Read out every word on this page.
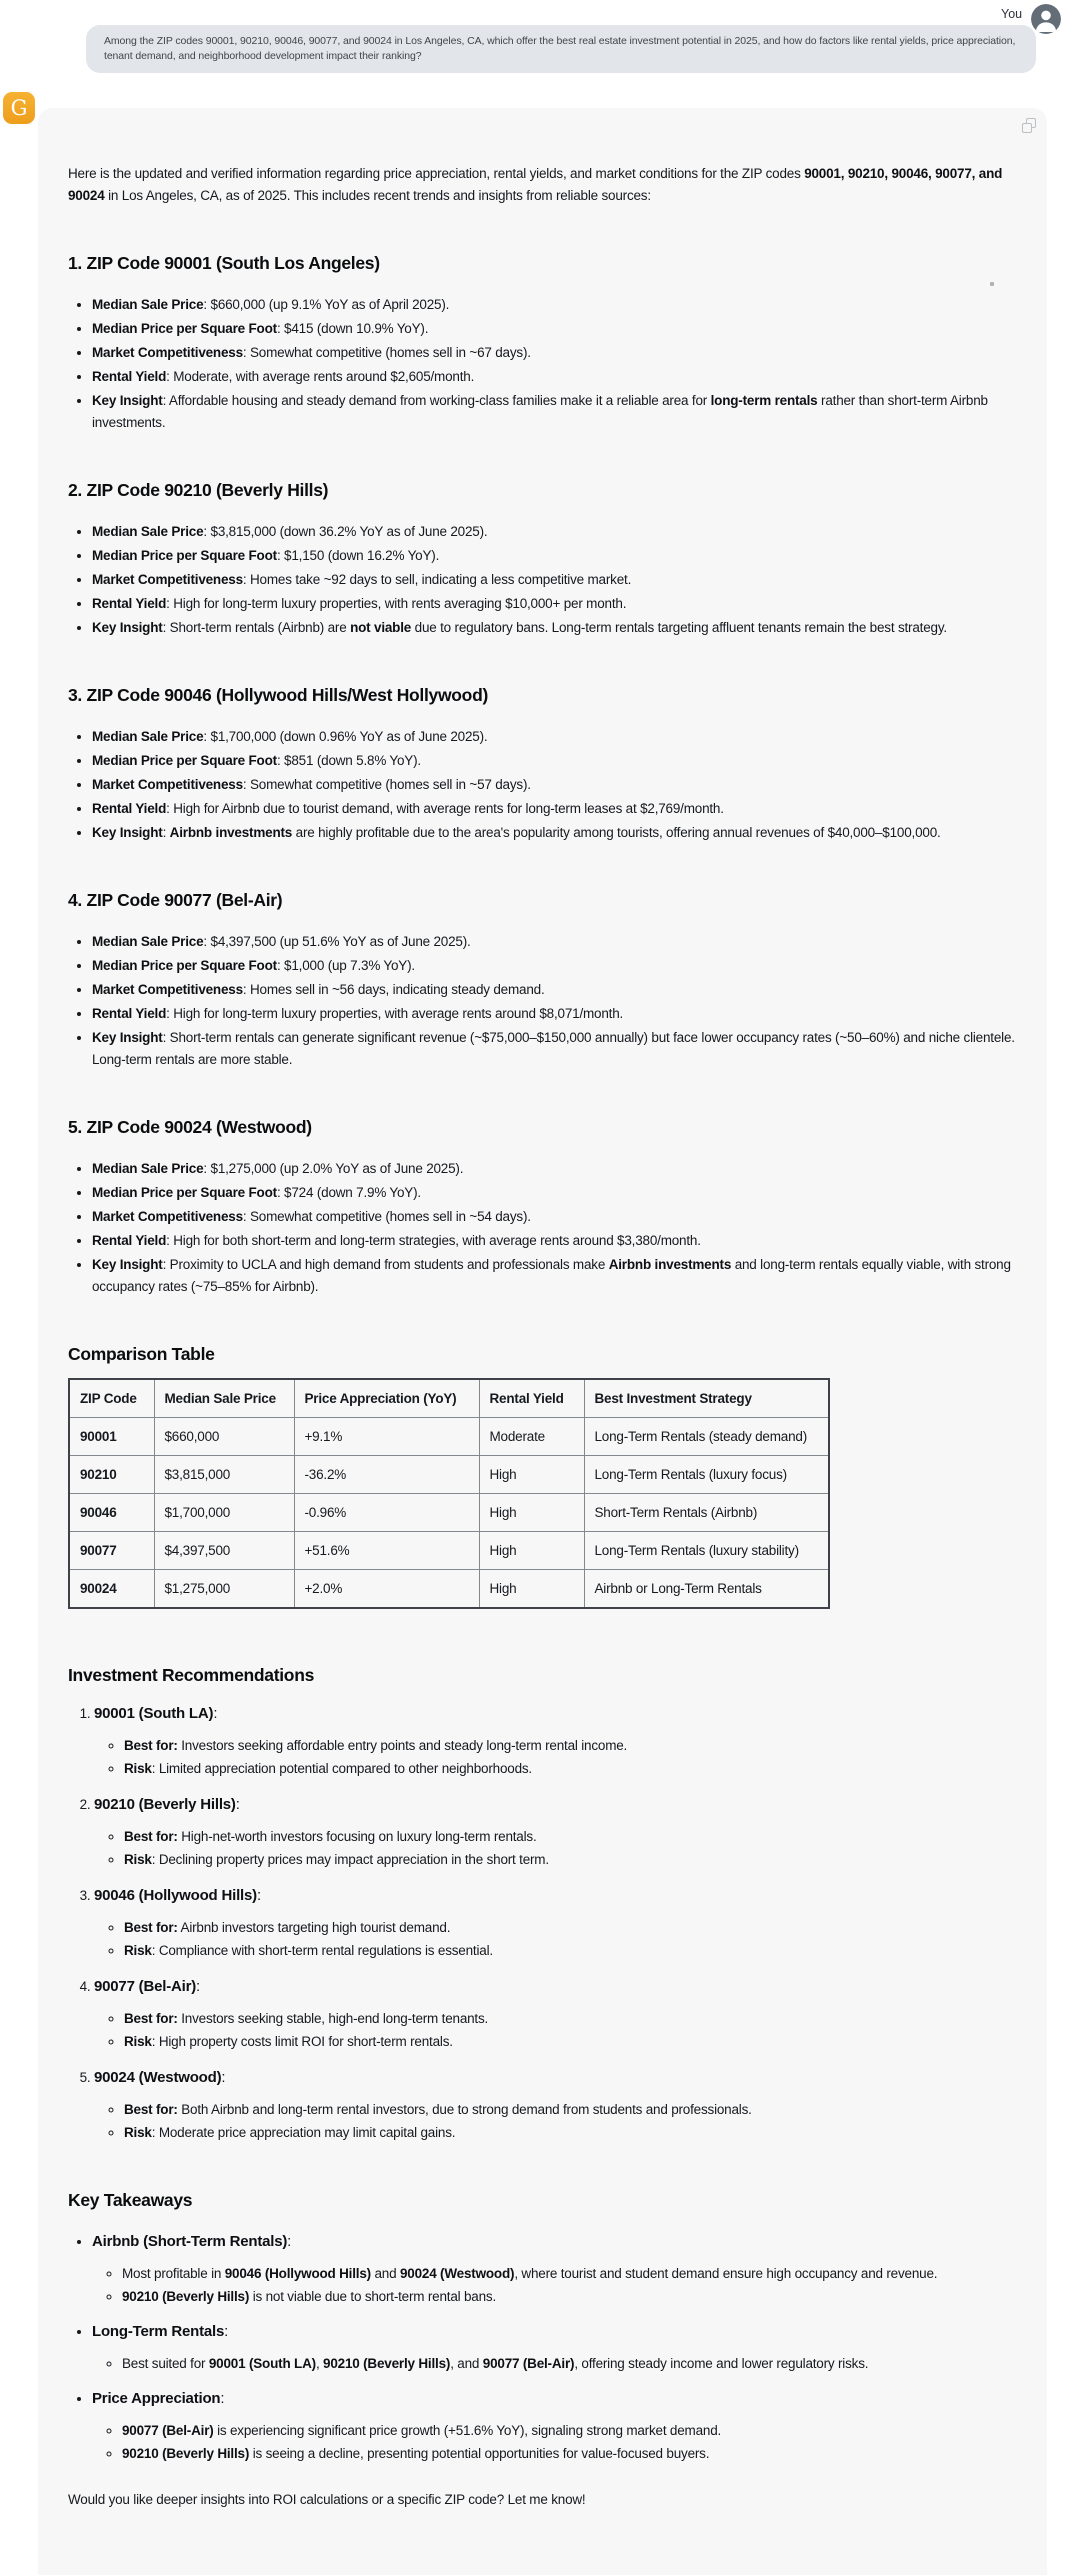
You
Among the ZIP codes 90001, 90210, 90046, 90077, and 90024 in Los Angeles, CA, which offer the best real estate investment potential in 2025, and how do factors like rental yields, price appreciation, tenant demand, and neighborhood development impact their ranking?
G

Here is the updated and verified information regarding price appreciation, rental yields, and market conditions for the ZIP codes 90001, 90210, 90046, 90077, and 90024 in Los Angeles, CA, as of 2025. This includes recent trends and insights from reliable sources:

1. ZIP Code 90001 (South Los Angeles)
• Median Sale Price: $660,000 (up 9.1% YoY as of April 2025).
• Median Price per Square Foot: $415 (down 10.9% YoY).
• Market Competitiveness: Somewhat competitive (homes sell in ~67 days).
• Rental Yield: Moderate, with average rents around $2,605/month.
• Key Insight: Affordable housing and steady demand from working-class families make it a reliable area for long-term rentals rather than short-term Airbnb investments.
2. ZIP Code 90210 (Beverly Hills)
• Median Sale Price: $3,815,000 (down 36.2% YoY as of June 2025).
• Median Price per Square Foot: $1,150 (down 16.2% YoY).
• Market Competitiveness: Homes take ~92 days to sell, indicating a less competitive market.
• Rental Yield: High for long-term luxury properties, with rents averaging $10,000+ per month.
• Key Insight: Short-term rentals (Airbnb) are not viable due to regulatory bans. Long-term rentals targeting affluent tenants remain the best strategy.
3. ZIP Code 90046 (Hollywood Hills/West Hollywood)
• Median Sale Price: $1,700,000 (down 0.96% YoY as of June 2025).
• Median Price per Square Foot: $851 (down 5.8% YoY).
• Market Competitiveness: Somewhat competitive (homes sell in ~57 days).
• Rental Yield: High for Airbnb due to tourist demand, with average rents for long-term leases at $2,769/month.
• Key Insight: Airbnb investments are highly profitable due to the area's popularity among tourists, offering annual revenues of $40,000–$100,000.
4. ZIP Code 90077 (Bel-Air)
• Median Sale Price: $4,397,500 (up 51.6% YoY as of June 2025).
• Median Price per Square Foot: $1,000 (up 7.3% YoY).
• Market Competitiveness: Homes sell in ~56 days, indicating steady demand.
• Rental Yield: High for long-term luxury properties, with average rents around $8,071/month.
• Key Insight: Short-term rentals can generate significant revenue (~$75,000–$150,000 annually) but face lower occupancy rates (~50–60%) and niche clientele. Long-term rentals are more stable.
5. ZIP Code 90024 (Westwood)
• Median Sale Price: $1,275,000 (up 2.0% YoY as of June 2025).
• Median Price per Square Foot: $724 (down 7.9% YoY).
• Market Competitiveness: Somewhat competitive (homes sell in ~54 days).
• Rental Yield: High for both short-term and long-term strategies, with average rents around $3,380/month.
• Key Insight: Proximity to UCLA and high demand from students and professionals make Airbnb investments and long-term rentals equally viable, with strong occupancy rates (~75–85% for Airbnb).
Comparison Table
ZIP Code	Median Sale Price	Price Appreciation (YoY)	Rental Yield	Best Investment Strategy
90001	$660,000	+9.1%	Moderate	Long-Term Rentals (steady demand)
90210	$3,815,000	-36.2%	High	Long-Term Rentals (luxury focus)
90046	$1,700,000	-0.96%	High	Short-Term Rentals (Airbnb)
90077	$4,397,500	+51.6%	High	Long-Term Rentals (luxury stability)
90024	$1,275,000	+2.0%	High	Airbnb or Long-Term Rentals
Investment Recommendations
1. 90001 (South LA):
◦ Best for: Investors seeking affordable entry points and steady long-term rental income.
◦ Risk: Limited appreciation potential compared to other neighborhoods.
2. 90210 (Beverly Hills):
◦ Best for: High-net-worth investors focusing on luxury long-term rentals.
◦ Risk: Declining property prices may impact appreciation in the short term.
3. 90046 (Hollywood Hills):
◦ Best for: Airbnb investors targeting high tourist demand.
◦ Risk: Compliance with short-term rental regulations is essential.
4. 90077 (Bel-Air):
◦ Best for: Investors seeking stable, high-end long-term tenants.
◦ Risk: High property costs limit ROI for short-term rentals.
5. 90024 (Westwood):
◦ Best for: Both Airbnb and long-term rental investors, due to strong demand from students and professionals.
◦ Risk: Moderate price appreciation may limit capital gains.
Key Takeaways
• Airbnb (Short-Term Rentals):
◦ Most profitable in 90046 (Hollywood Hills) and 90024 (Westwood), where tourist and student demand ensure high occupancy and revenue.
◦ 90210 (Beverly Hills) is not viable due to short-term rental bans.
• Long-Term Rentals:
◦ Best suited for 90001 (South LA), 90210 (Beverly Hills), and 90077 (Bel-Air), offering steady income and lower regulatory risks.
• Price Appreciation:
◦ 90077 (Bel-Air) is experiencing significant price growth (+51.6% YoY), signaling strong market demand.
◦ 90210 (Beverly Hills) is seeing a decline, presenting potential opportunities for value-focused buyers.

Would you like deeper insights into ROI calculations or a specific ZIP code? Let me know!
